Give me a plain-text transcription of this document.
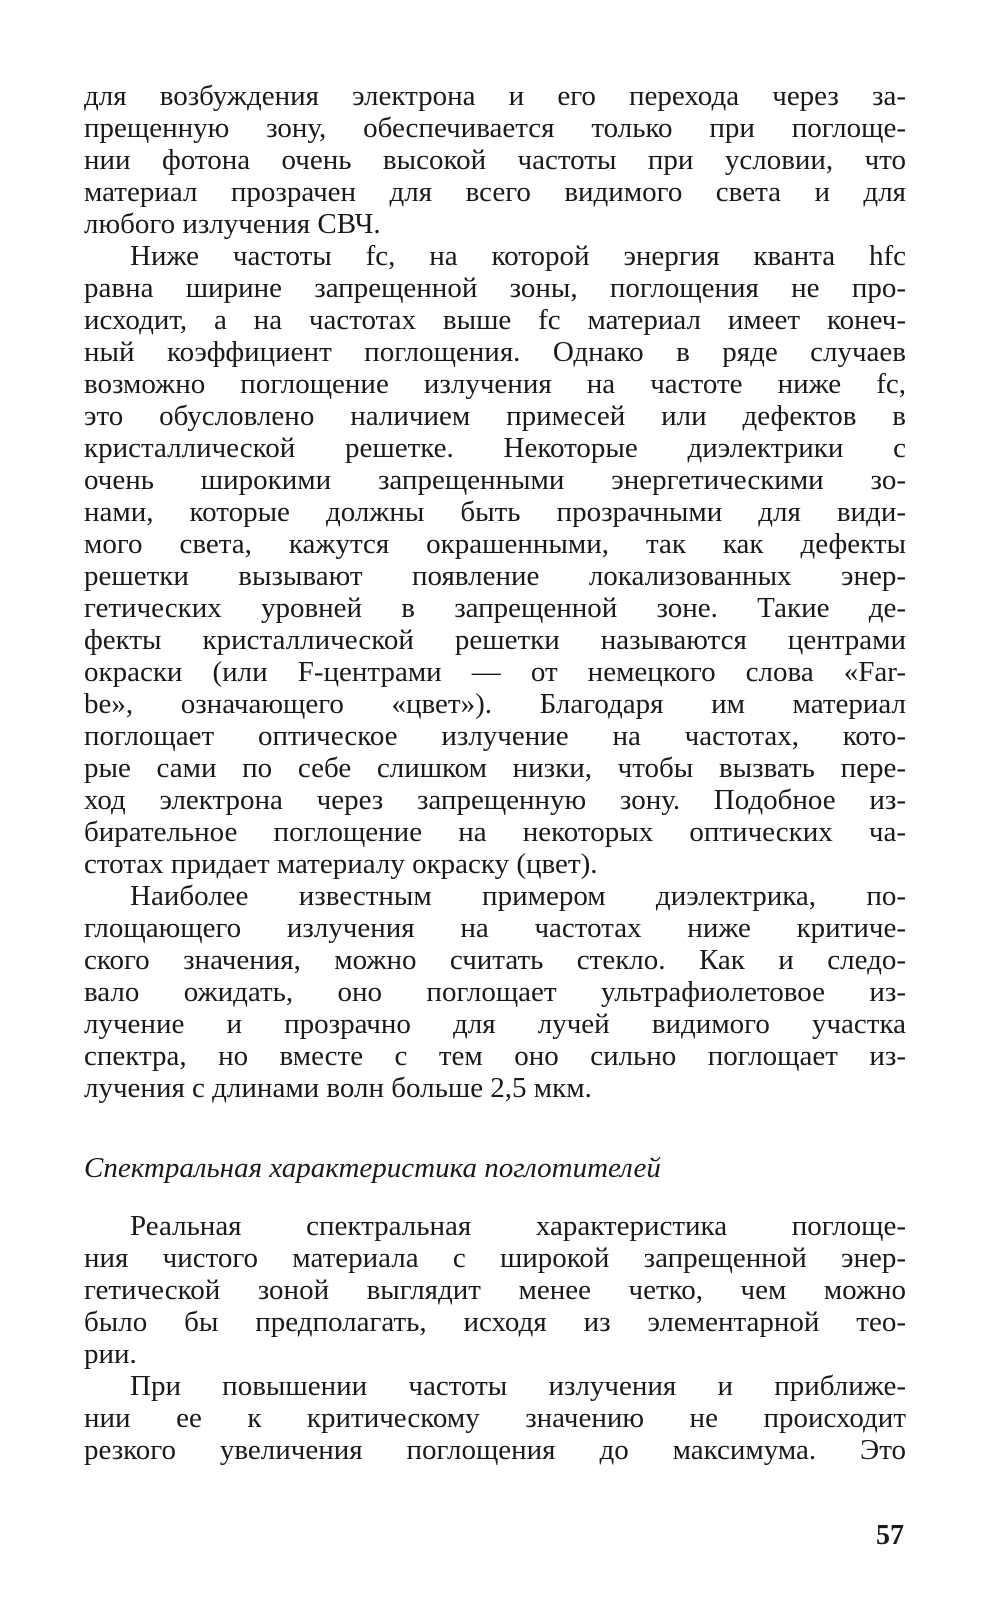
для возбуждения электрона и его перехода через за-
прещенную зону, обеспечивается только при поглоще-
нии фотона очень высокой частоты при условии, что
материал прозрачен для всего видимого света и для
любого излучения СВЧ.
Ниже частоты fc, на которой энергия кванта hfc
равна ширине запрещенной зоны, поглощения не про-
исходит, а на частотах выше fc материал имеет конеч-
ный коэффициент поглощения. Однако в ряде случаев
возможно поглощение излучения на частоте ниже fc,
это обусловлено наличием примесей или дефектов в
кристаллической решетке. Некоторые диэлектрики с
очень широкими запрещенными энергетическими зо-
нами, которые должны быть прозрачными для види-
мого света, кажутся окрашенными, так как дефекты
решетки вызывают появление локализованных энер-
гетических уровней в запрещенной зоне. Такие де-
фекты кристаллической решетки называются центрами
окраски (или F-центрами — от немецкого слова «Far-
be», означающего «цвет»). Благодаря им материал
поглощает оптическое излучение на частотах, кото-
рые сами по себе слишком низки, чтобы вызвать пере-
ход электрона через запрещенную зону. Подобное из-
бирательное поглощение на некоторых оптических ча-
стотах придает материалу окраску (цвет).
Наиболее известным примером диэлектрика, по-
глощающего излучения на частотах ниже критиче-
ского значения, можно считать стекло. Как и следо-
вало ожидать, оно поглощает ультрафиолетовое из-
лучение и прозрачно для лучей видимого участка
спектра, но вместе с тем оно сильно поглощает из-
лучения с длинами волн больше 2,5 мкм.
Спектральная характеристика поглотителей
Реальная спектральная характеристика поглоще-
ния чистого материала с широкой запрещенной энер-
гетической зоной выглядит менее четко, чем можно
было бы предполагать, исходя из элементарной тео-
рии.
При повышении частоты излучения и приближе-
нии ее к критическому значению не происходит
резкого увеличения поглощения до максимума. Это
57
